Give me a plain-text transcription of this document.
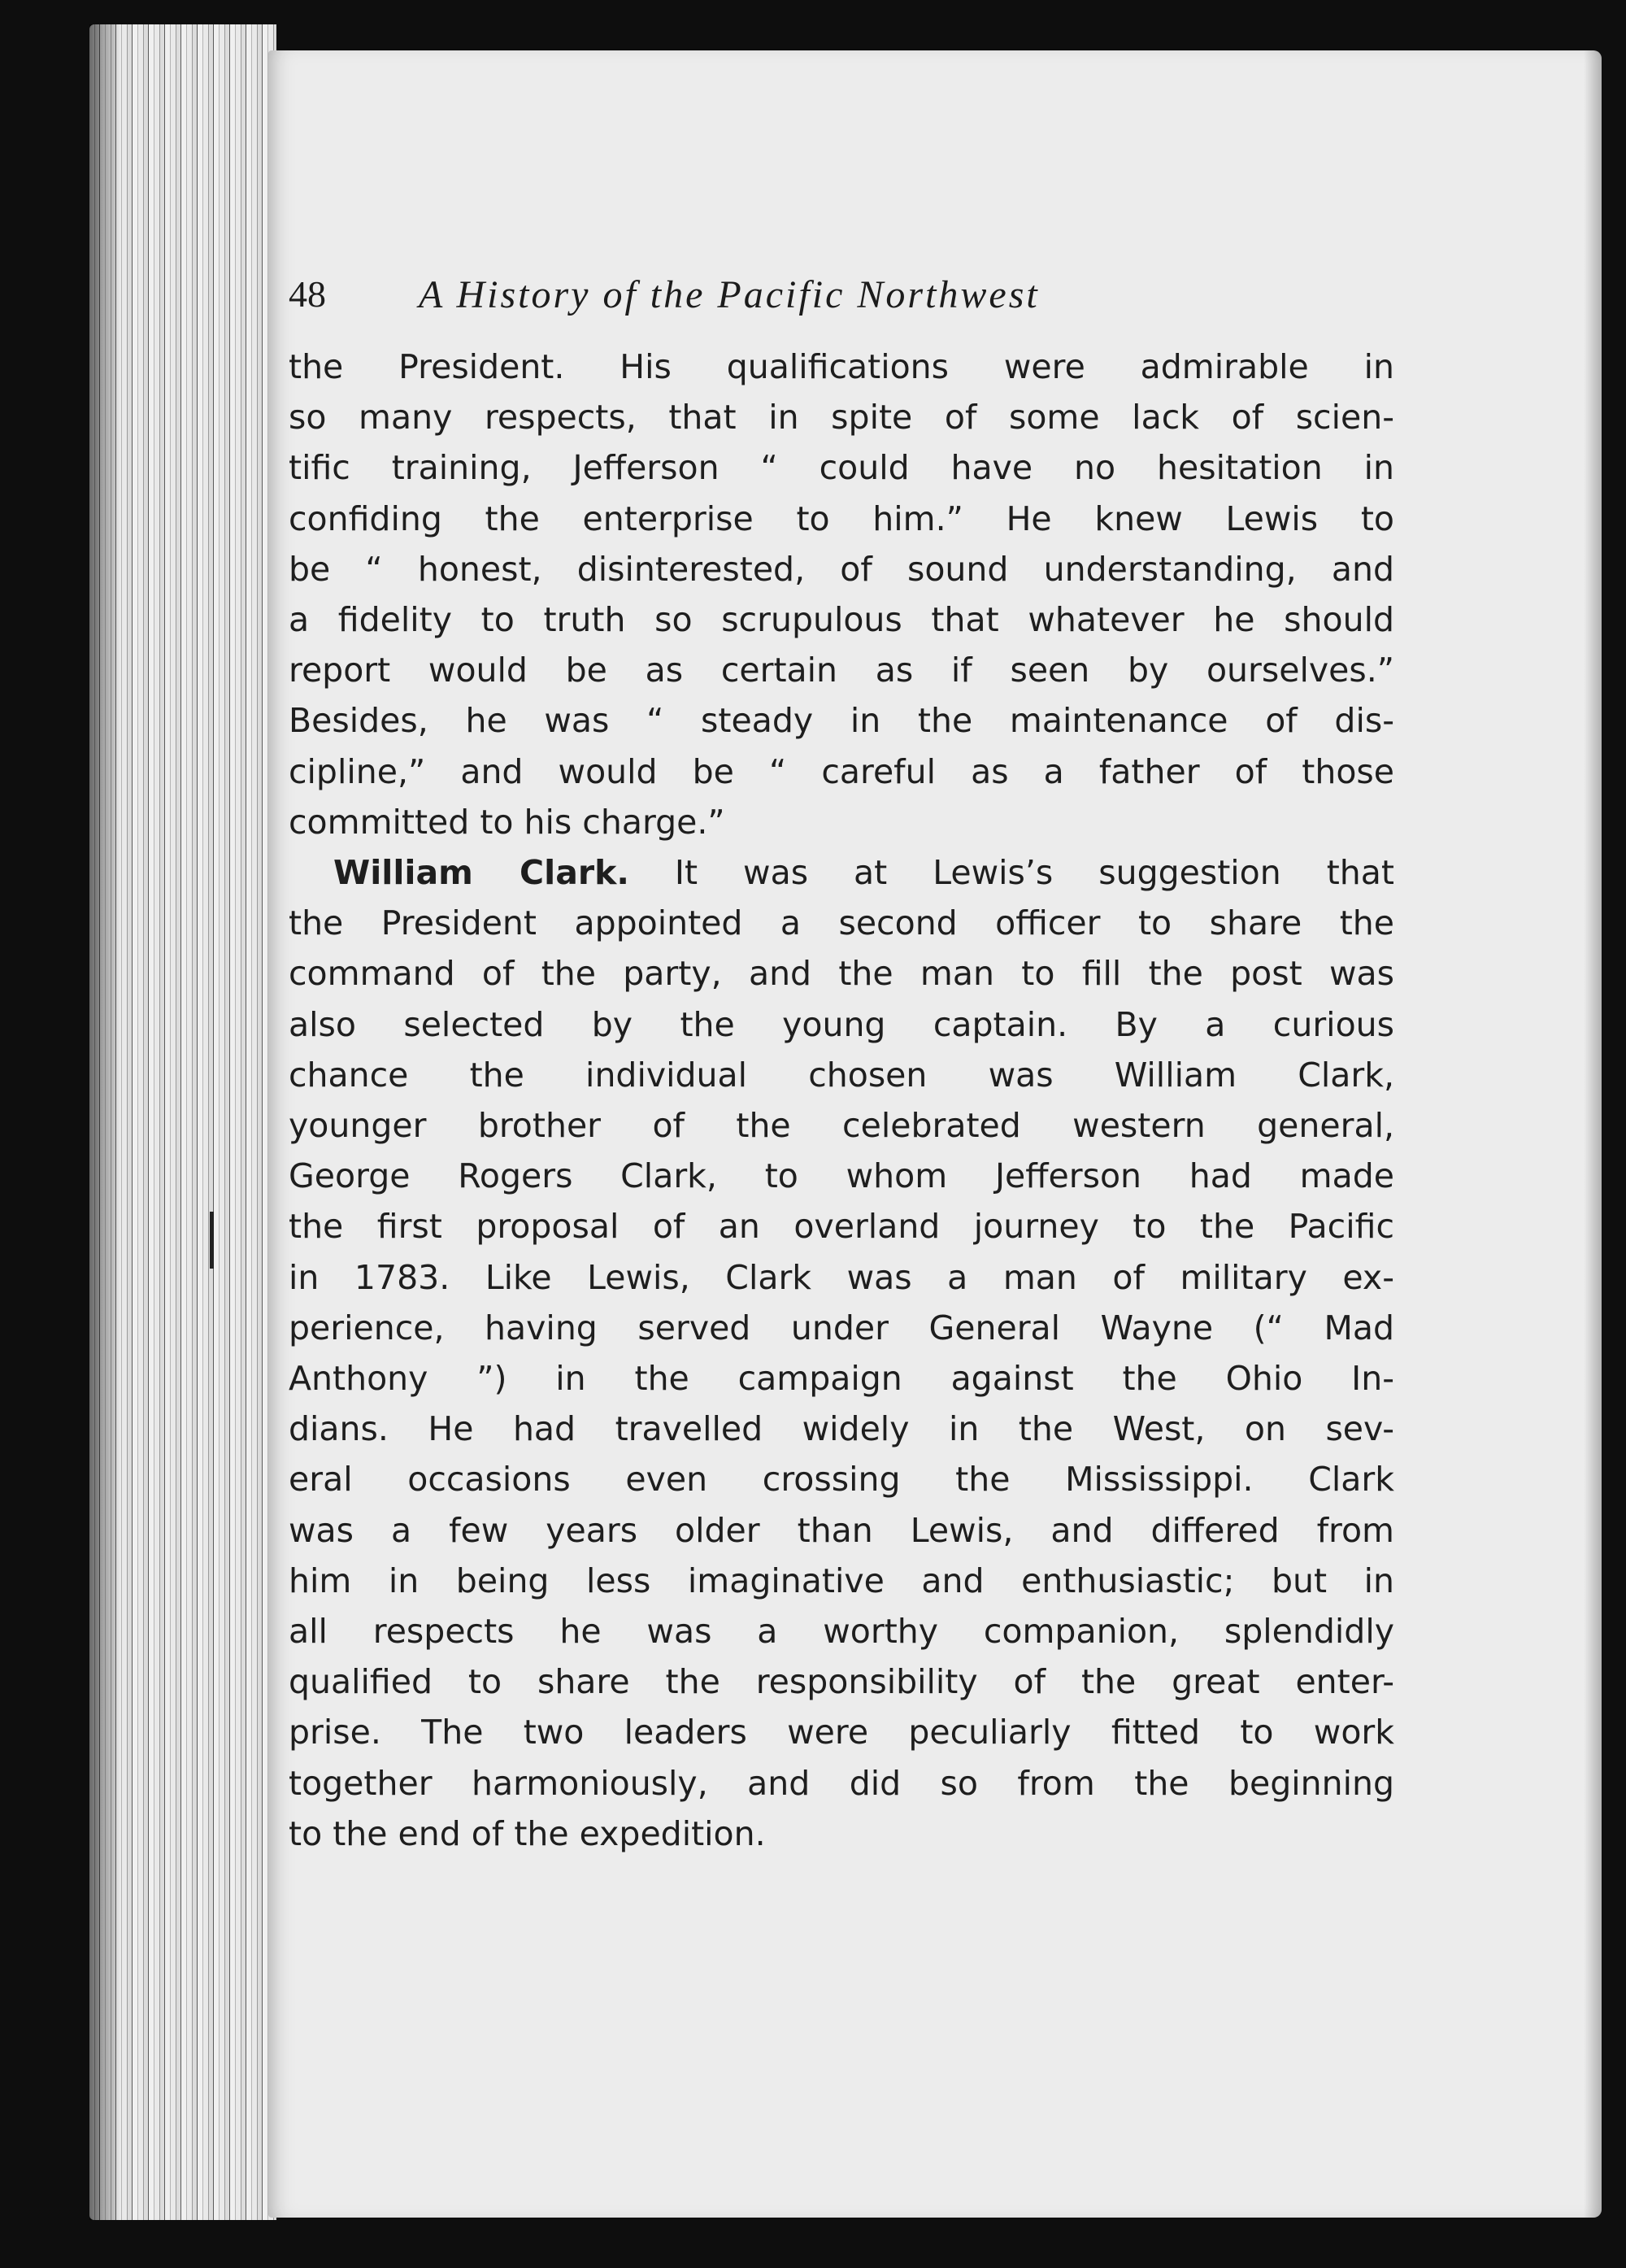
48 A History of the Pacific Northwest
the President. His qualifications were admirable in
so many respects, that in spite of some lack of scien-
tific training, Jefferson “ could have no hesitation in
confiding the enterprise to him.” He knew Lewis to
be “ honest, disinterested, of sound understanding, and
a fidelity to truth so scrupulous that whatever he should
report would be as certain as if seen by ourselves.”
Besides, he was “ steady in the maintenance of dis-
cipline,” and would be “ careful as a father of those
committed to his charge.”
William Clark. It was at Lewis’s suggestion that
the President appointed a second officer to share the
command of the party, and the man to fill the post was
also selected by the young captain. By a curious
chance the individual chosen was William Clark,
younger brother of the celebrated western general,
George Rogers Clark, to whom Jefferson had made
the first proposal of an overland journey to the Pacific
in 1783. Like Lewis, Clark was a man of military ex-
perience, having served under General Wayne (“ Mad
Anthony ”) in the campaign against the Ohio In-
dians. He had travelled widely in the West, on sev-
eral occasions even crossing the Mississippi. Clark
was a few years older than Lewis, and differed from
him in being less imaginative and enthusiastic; but in
all respects he was a worthy companion, splendidly
qualified to share the responsibility of the great enter-
prise. The two leaders were peculiarly fitted to work
together harmoniously, and did so from the beginning
to the end of the expedition.
